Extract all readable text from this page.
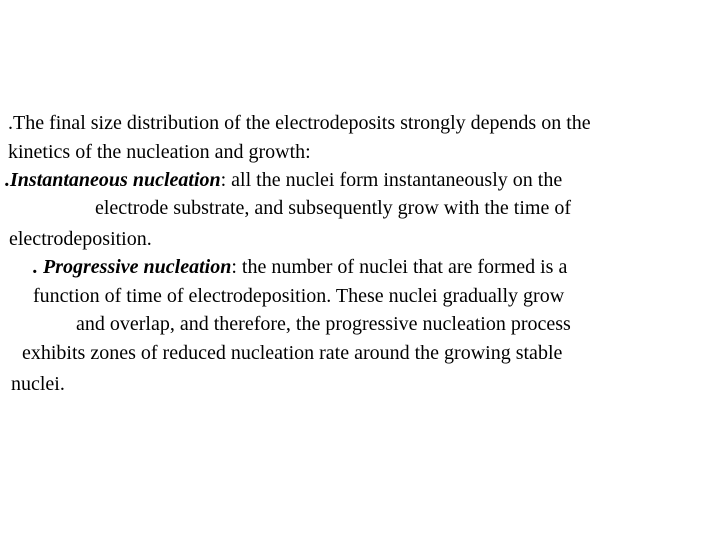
.The final size distribution of the electrodeposits strongly depends on the

kinetics of the nucleation and growth:

.Instantaneous nucleation: all the nuclei form instantaneously on the

electrode substrate, and subsequently grow with the time of

electrodeposition.

. Progressive nucleation: the number of nuclei that are formed is a

function of time of electrodeposition. These nuclei gradually grow

and overlap, and therefore, the progressive nucleation process

exhibits zones of reduced nucleation rate around the growing stable

nuclei.
